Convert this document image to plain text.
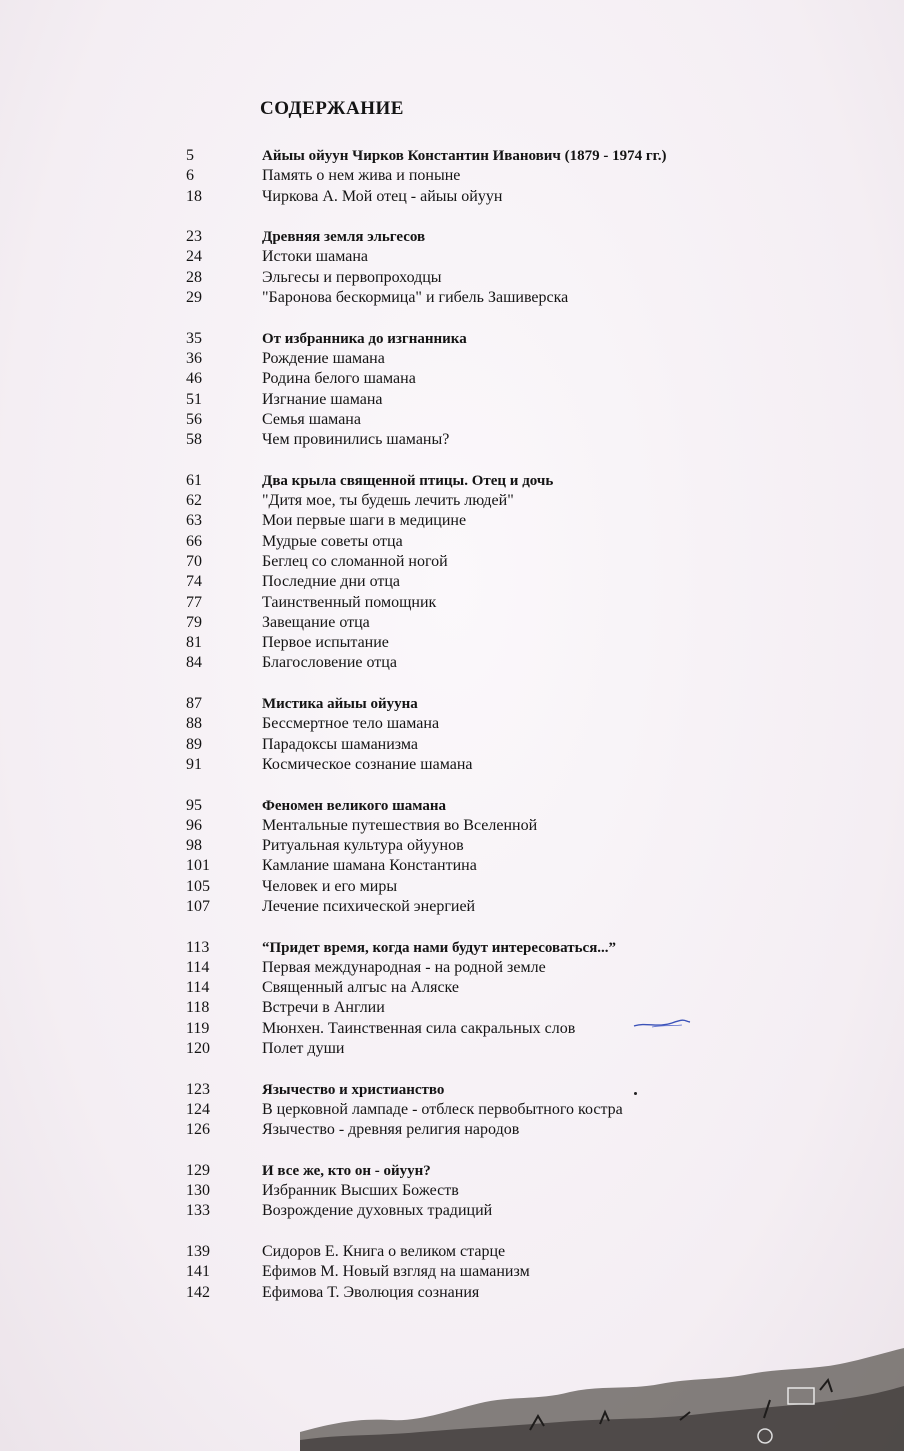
СОДЕРЖАНИЕ
5	Айыы ойуун Чирков Константин Иванович (1879 - 1974 гг.)
6	Память о нем жива и поныне
18	Чиркова А. Мой отец - айыы ойуун
23	Древняя земля эльгесов
24	Истоки шамана
28	Эльгесы и первопроходцы
29	"Баронова бескормица" и гибель Зашиверска
35	От избранника до изгнанника
36	Рождение шамана
46	Родина белого шамана
51	Изгнание шамана
56	Семья шамана
58	Чем провинились шаманы?
61	Два крыла священной птицы. Отец и дочь
62	"Дитя мое, ты будешь лечить людей"
63	Мои первые шаги в медицине
66	Мудрые советы отца
70	Беглец со сломанной ногой
74	Последние дни отца
77	Таинственный помощник
79	Завещание отца
81	Первое испытание
84	Благословение отца
87	Мистика айыы ойууна
88	Бессмертное тело шамана
89	Парадоксы шаманизма
91	Космическое сознание шамана
95	Феномен великого шамана
96	Ментальные путешествия во Вселенной
98	Ритуальная культура ойуунов
101	Камлание шамана Константина
105	Человек и его миры
107	Лечение психической энергией
113	“Придет время, когда нами будут интересоваться...”
114	Первая международная - на родной земле
114	Священный алгыс на Аляске
118	Встречи в Англии
119	Мюнхен. Таинственная сила сакральных слов
120	Полет души
123	Язычество и христианство
124	В церковной лампаде - отблеск первобытного костра
126	Язычество - древняя религия народов
129	И все же, кто он - ойуун?
130	Избранник Высших Божеств
133	Возрождение духовных традиций
139	Сидоров Е. Книга о великом старце
141	Ефимов М. Новый взгляд на шаманизм
142	Ефимова Т. Эволюция сознания
